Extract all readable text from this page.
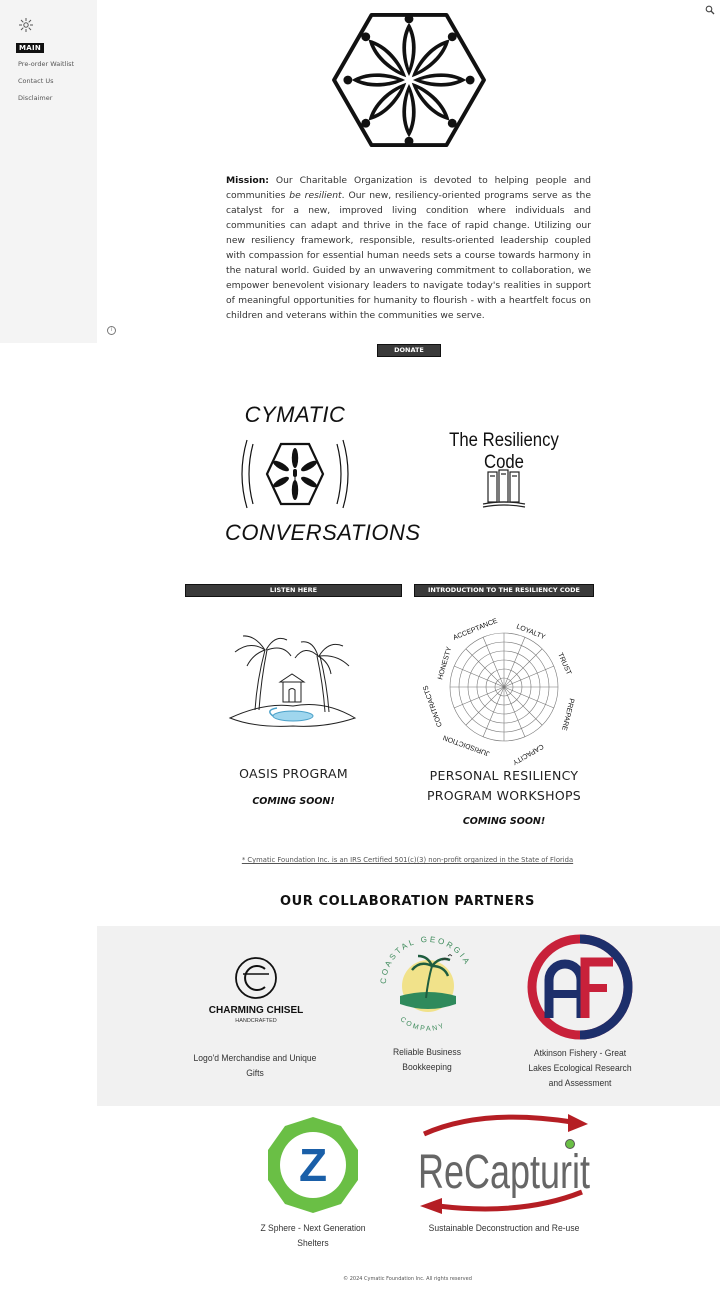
MAIN
Pre-order Waitlist
Contact Us
Disclaimer
i
Mission: Our Charitable Organization is devoted to helping people and communities be resilient. Our new, resiliency-oriented programs serve as the catalyst for a new, improved living condition where individuals and communities can adapt and thrive in the face of rapid change. Utilizing our new resiliency framework, responsible, results-oriented leadership coupled with compassion for essential human needs sets a course towards harmony in the natural world. Guided by an unwavering commitment to collaboration, we empower benevolent visionary leaders to navigate today's realities in support of meaningful opportunities for humanity to flourish - with a heartfelt focus on children and veterans within the communities we serve.
DONATE
CYMATIC
CONVERSATIONS
The Resiliency Code
LISTEN HERE	INTRODUCTION TO THE RESILIENCY CODE
OASIS PROGRAM
COMING SOON!
ACCEPTANCE LOYALTY
TRUST
PREPARE
CAPACITY
JURISDICTION
CONTRACTS
HONESTY
PERSONAL RESILIENCY
PROGRAM WORKSHOPS
COMING SOON!
* Cymatic Foundation Inc. is an IRS Certified 501(c)(3) non-profit organized in the State of Florida
OUR COLLABORATION PARTNERS
CHARMING CHISEL
HANDCRAFTED
Logo'd Merchandise and Unique Gifts
COASTAL GEORGIA
COMPANY
Reliable Business
Bookkeeping
Atkinson Fishery - Great
Lakes Ecological Research
and Assessment
Z
Z Sphere - Next Generation
Shelters
ReCapturit
Sustainable Deconstruction and Re-use
© 2024 Cymatic Foundation Inc. All rights reserved
